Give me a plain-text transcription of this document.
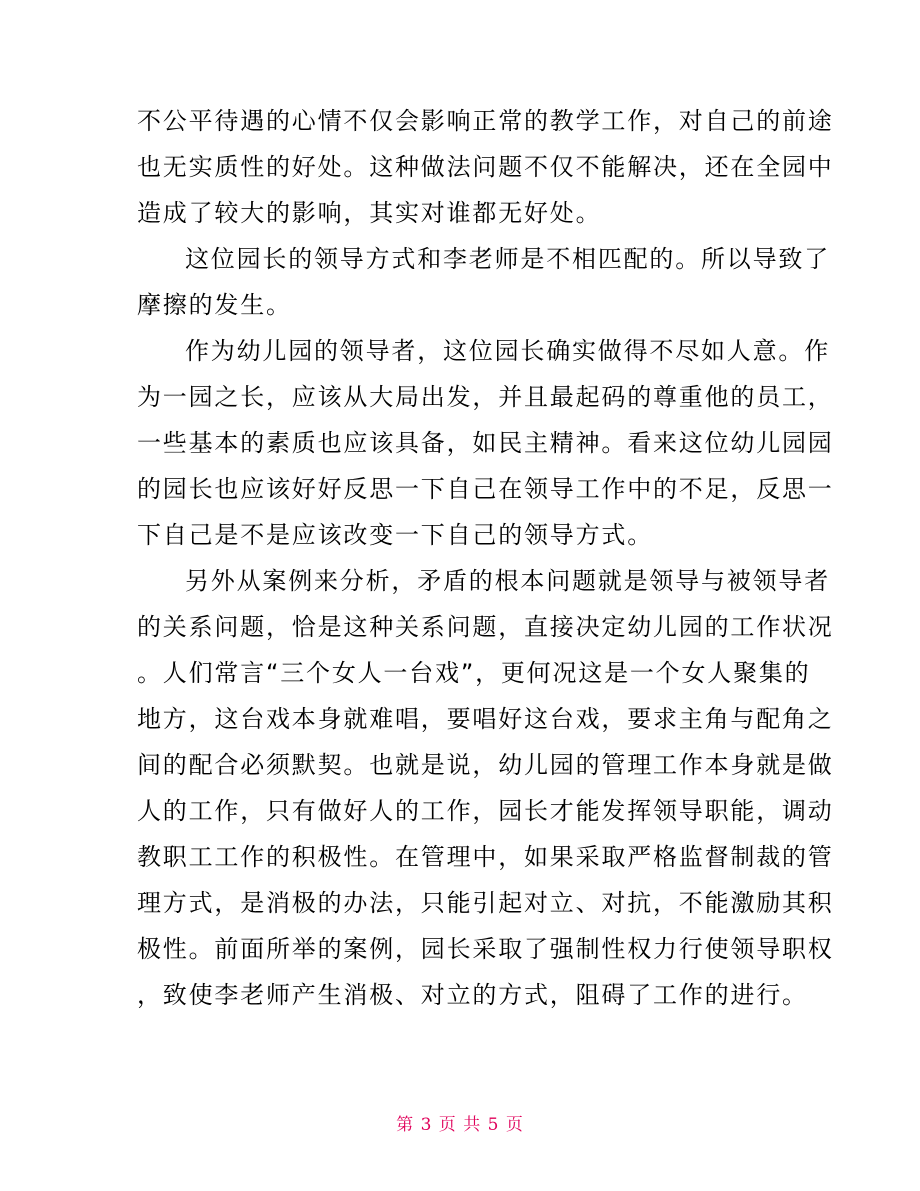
不公平待遇的心情不仅会影响正常的教学工作，对自己的前途
也无实质性的好处。这种做法问题不仅不能解决，还在全园中
造成了较大的影响，其实对谁都无好处。
这位园长的领导方式和李老师是不相匹配的。所以导致了
摩擦的发生。
作为幼儿园的领导者，这位园长确实做得不尽如人意。作
为一园之长，应该从大局出发，并且最起码的尊重他的员工，
一些基本的素质也应该具备，如民主精神。看来这位幼儿园园
的园长也应该好好反思一下自己在领导工作中的不足，反思一
下自己是不是应该改变一下自己的领导方式。
另外从案例来分析，矛盾的根本问题就是领导与被领导者
的关系问题，恰是这种关系问题，直接决定幼儿园的工作状况
。人们常言“三个女人一台戏”，更何况这是一个女人聚集的
地方，这台戏本身就难唱，要唱好这台戏，要求主角与配角之
间的配合必须默契。也就是说，幼儿园的管理工作本身就是做
人的工作，只有做好人的工作，园长才能发挥领导职能，调动
教职工工作的积极性。在管理中，如果采取严格监督制裁的管
理方式，是消极的办法，只能引起对立、对抗，不能激励其积
极性。前面所举的案例，园长采取了强制性权力行使领导职权
，致使李老师产生消极、对立的方式，阻碍了工作的进行。
第 3 页 共 5 页
